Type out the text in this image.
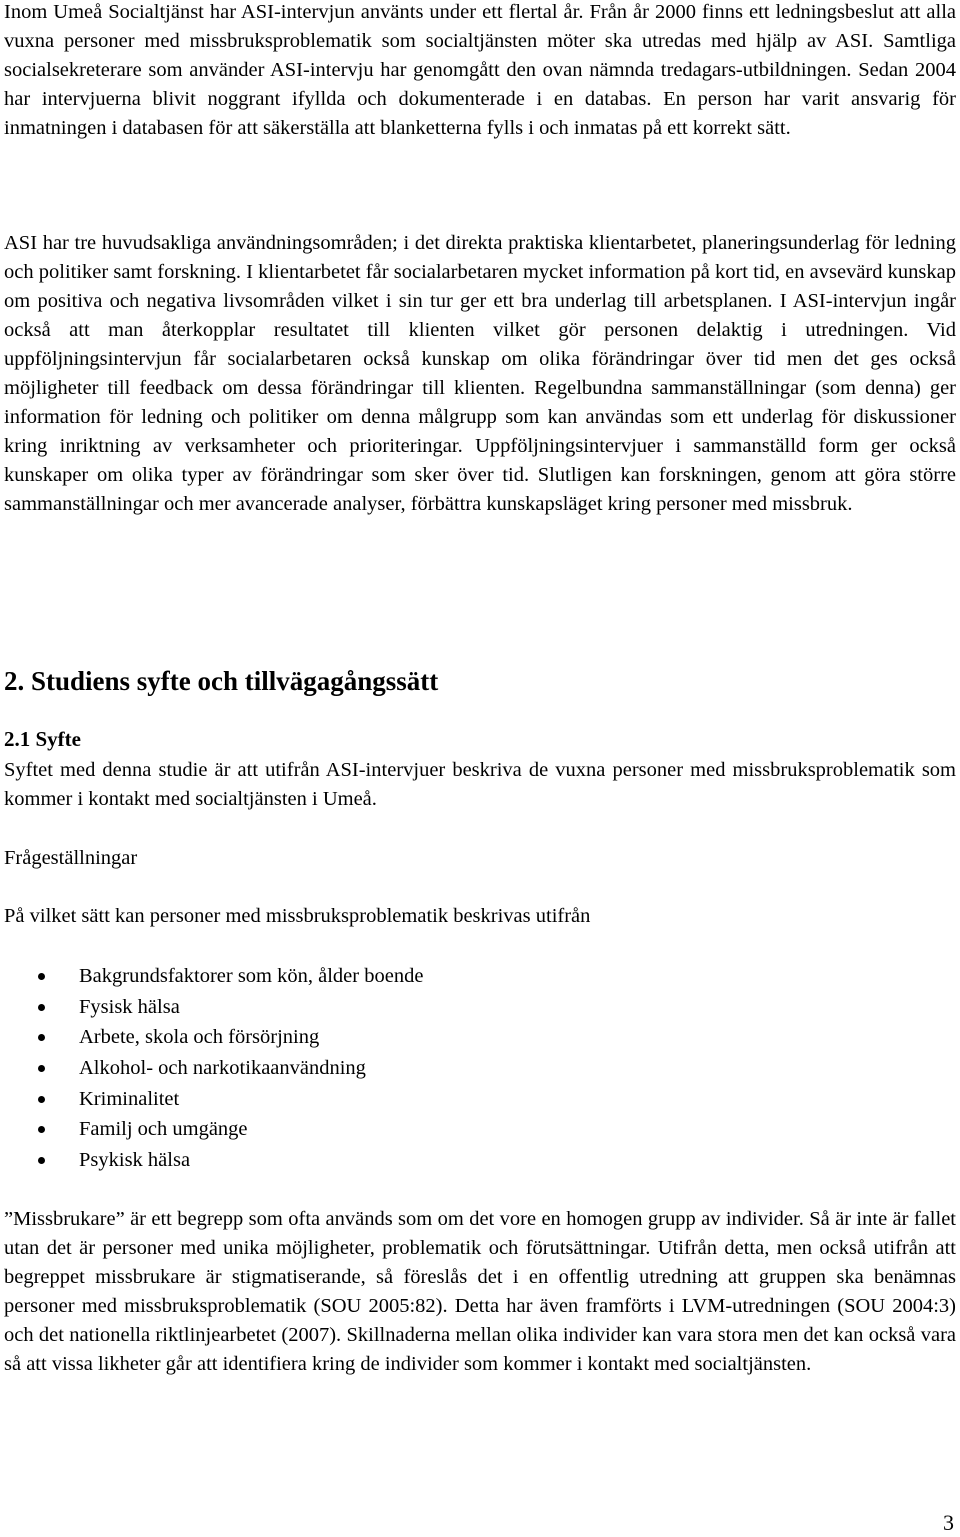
Inom Umeå Socialtjänst har ASI-intervjun använts under ett flertal år. Från år 2000 finns ett ledningsbeslut att alla vuxna personer med missbruksproblematik som socialtjänsten möter ska utredas med hjälp av ASI. Samtliga socialsekreterare som använder ASI-intervju har genomgått den ovan nämnda tredagars-utbildningen. Sedan 2004 har intervjuerna blivit noggrant ifyllda och dokumenterade i en databas. En person har varit ansvarig för inmatningen i databasen för att säkerställa att blanketterna fylls i och inmatas på ett korrekt sätt.

ASI har tre huvudsakliga användningsområden; i det direkta praktiska klientarbetet, planeringsunderlag för ledning och politiker samt forskning. I klientarbetet får socialarbetaren mycket information på kort tid, en avsevärd kunskap om positiva och negativa livsområden vilket i sin tur ger ett bra underlag till arbetsplanen. I ASI-intervjun ingår också att man återkopplar resultatet till klienten vilket gör personen delaktig i utredningen. Vid uppföljningsintervjun får socialarbetaren också kunskap om olika förändringar över tid men det ges också möjligheter till feedback om dessa förändringar till klienten. Regelbundna sammanställningar (som denna) ger information för ledning och politiker om denna målgrupp som kan användas som ett underlag för diskussioner kring inriktning av verksamheter och prioriteringar. Uppföljningsintervjuer i sammanställd form ger också kunskaper om olika typer av förändringar som sker över tid. Slutligen kan forskningen, genom att göra större sammanställningar och mer avancerade analyser, förbättra kunskapsläget kring personer med missbruk.

2. Studiens syfte och tillvägagångssätt
2.1 Syfte

Syftet med denna studie är att utifrån ASI-intervjuer beskriva de vuxna personer med missbruksproblematik som kommer i kontakt med socialtjänsten i Umeå.

Frågeställningar

På vilket sätt kan personer med missbruksproblematik beskrivas utifrån

Bakgrundsfaktorer som kön, ålder boende
Fysisk hälsa
Arbete, skola och försörjning
Alkohol- och narkotikaanvändning
Kriminalitet
Familj och umgänge
Psykisk hälsa

”Missbrukare” är ett begrepp som ofta används som om det vore en homogen grupp av individer. Så är inte är fallet utan det är personer med unika möjligheter, problematik och förutsättningar. Utifrån detta, men också utifrån att begreppet missbrukare är stigmatiserande, så föreslås det i en offentlig utredning att gruppen ska benämnas personer med missbruksproblematik (SOU 2005:82). Detta har även framförts i LVM-utredningen (SOU 2004:3) och det nationella riktlinjearbetet (2007). Skillnaderna mellan olika individer kan vara stora men det kan också vara så att vissa likheter går att identifiera kring de individer som kommer i kontakt med socialtjänsten.

3
